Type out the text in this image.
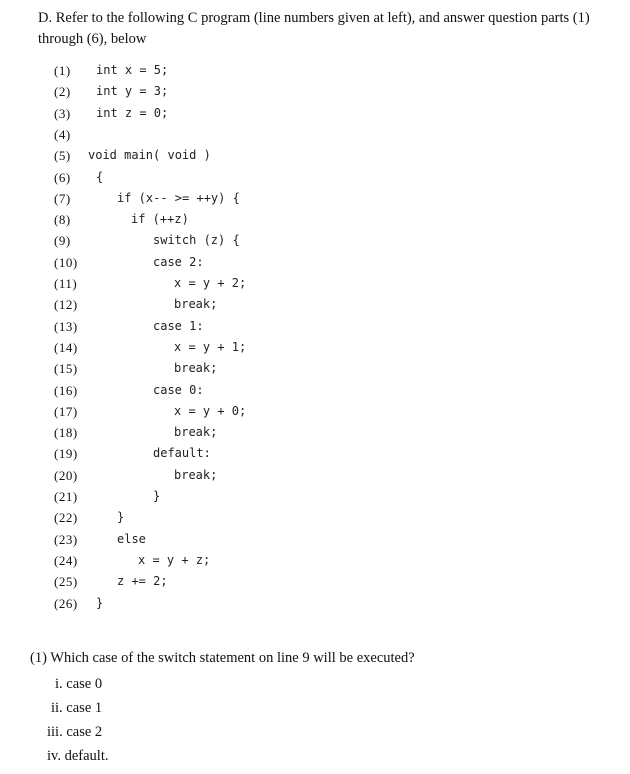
D. Refer to the following C program (line numbers given at left), and answer question parts (1)
through (6), below
(1) int x = 5;
(2) int y = 3;
(3) int z = 0;
(4)
(5) void main( void )
(6) {
(7)	if (x-- >= ++y) {
(8)	if (++z)
(9)	switch (z) {
(10)	case 2:
(11)	x = y + 2;
(12)	break;
(13)	case 1:
(14)	x = y + 1;
(15)	break;
(16)	case 0:
(17)	x = y + 0;
(18)	break;
(19)	default:
(20)	break;
(21)	}
(22)	}
(23)	else
(24)	x = y + z;
(25)	z += 2;
(26) }
(1) Which case of the switch statement on line 9 will be executed?
i. case 0
ii. case 1
iii. case 2
iv. default.
